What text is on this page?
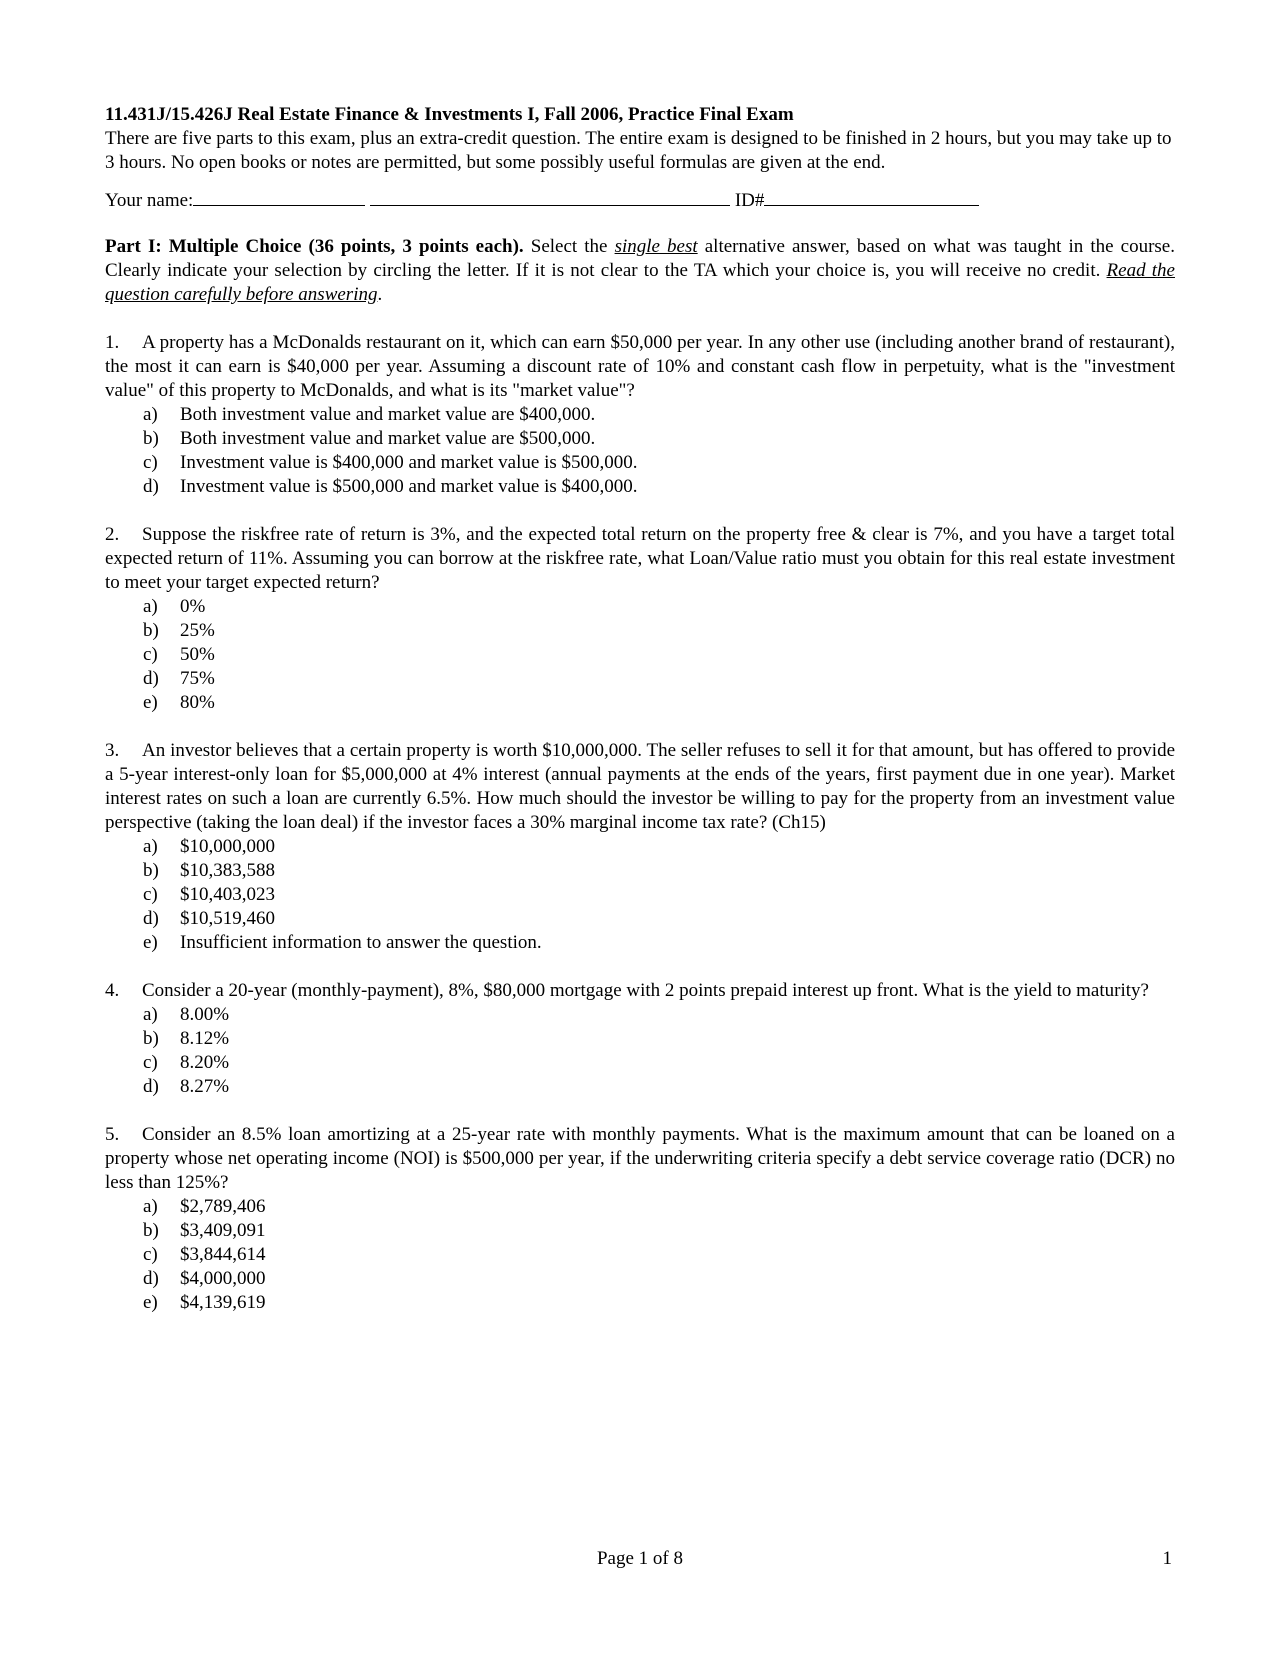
11.431J/15.426J Real Estate Finance & Investments I, Fall 2006, Practice Final Exam
There are five parts to this exam, plus an extra-credit question. The entire exam is designed to be finished in 2 hours, but you may take up to 3 hours. No open books or notes are permitted, but some possibly useful formulas are given at the end.
Your name:	ID#
Part I: Multiple Choice (36 points, 3 points each). Select the single best alternative answer, based on what was taught in the course. Clearly indicate your selection by circling the letter. If it is not clear to the TA which your choice is, you will receive no credit. Read the question carefully before answering.
1. A property has a McDonalds restaurant on it, which can earn $50,000 per year. In any other use (including another brand of restaurant), the most it can earn is $40,000 per year. Assuming a discount rate of 10% and constant cash flow in perpetuity, what is the "investment value" of this property to McDonalds, and what is its "market value"?
a)	Both investment value and market value are $400,000.
b)	Both investment value and market value are $500,000.
c)	Investment value is $400,000 and market value is $500,000.
d)	Investment value is $500,000 and market value is $400,000.
2. Suppose the riskfree rate of return is 3%, and the expected total return on the property free & clear is 7%, and you have a target total expected return of 11%. Assuming you can borrow at the riskfree rate, what Loan/Value ratio must you obtain for this real estate investment to meet your target expected return?
a)	0%
b)	25%
c)	50%
d)	75%
e)	80%
3. An investor believes that a certain property is worth $10,000,000. The seller refuses to sell it for that amount, but has offered to provide a 5-year interest-only loan for $5,000,000 at 4% interest (annual payments at the ends of the years, first payment due in one year). Market interest rates on such a loan are currently 6.5%. How much should the investor be willing to pay for the property from an investment value perspective (taking the loan deal) if the investor faces a 30% marginal income tax rate? (Ch15)
a)	$10,000,000
b)	$10,383,588
c)	$10,403,023
d)	$10,519,460
e)	Insufficient information to answer the question.
4. Consider a 20-year (monthly-payment), 8%, $80,000 mortgage with 2 points prepaid interest up front. What is the yield to maturity?
a)	8.00%
b)	8.12%
c)	8.20%
d)	8.27%
5. Consider an 8.5% loan amortizing at a 25-year rate with monthly payments. What is the maximum amount that can be loaned on a property whose net operating income (NOI) is $500,000 per year, if the underwriting criteria specify a debt service coverage ratio (DCR) no less than 125%?
a)	$2,789,406
b)	$3,409,091
c)	$3,844,614
d)	$4,000,000
e)	$4,139,619
Page 1 of 8	1
